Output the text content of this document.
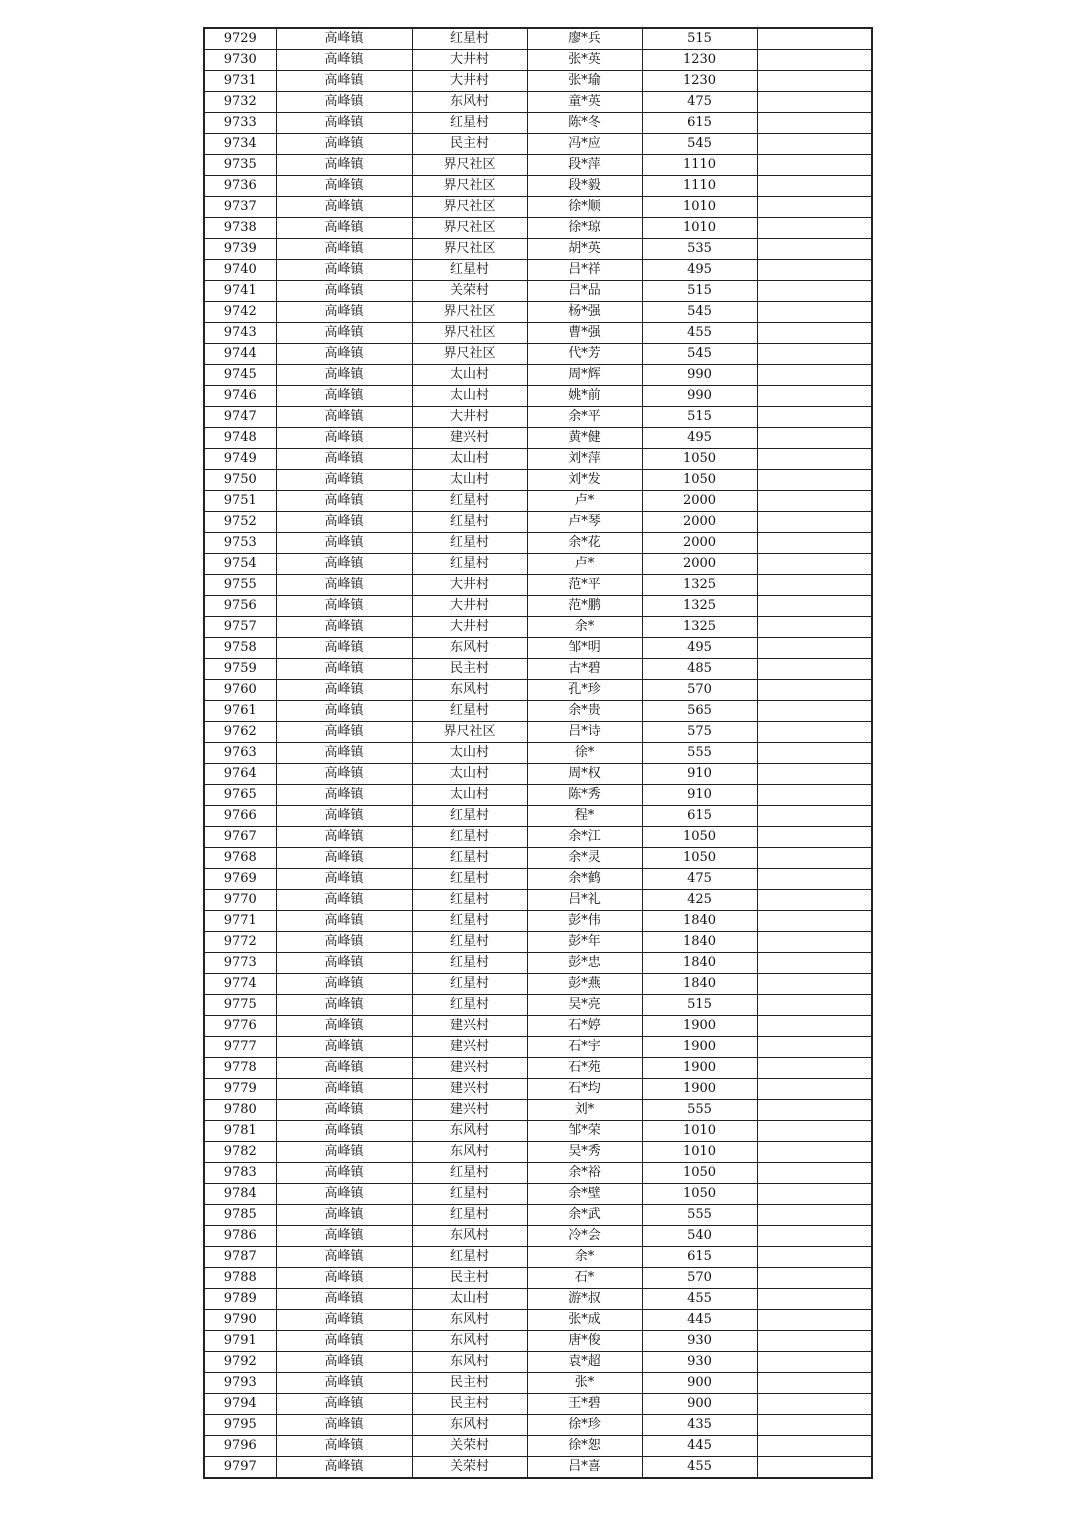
9729	高峰镇	红星村	廖*兵	515	
9730	高峰镇	大井村	张*英	1230	
9731	高峰镇	大井村	张*瑜	1230	
9732	高峰镇	东风村	童*英	475	
9733	高峰镇	红星村	陈*冬	615	
9734	高峰镇	民主村	冯*应	545	
9735	高峰镇	界尺社区	段*萍	1110	
9736	高峰镇	界尺社区	段*毅	1110	
9737	高峰镇	界尺社区	徐*顺	1010	
9738	高峰镇	界尺社区	徐*琼	1010	
9739	高峰镇	界尺社区	胡*英	535	
9740	高峰镇	红星村	吕*祥	495	
9741	高峰镇	关荣村	吕*品	515	
9742	高峰镇	界尺社区	杨*强	545	
9743	高峰镇	界尺社区	曹*强	455	
9744	高峰镇	界尺社区	代*芳	545	
9745	高峰镇	太山村	周*辉	990	
9746	高峰镇	太山村	姚*前	990	
9747	高峰镇	大井村	余*平	515	
9748	高峰镇	建兴村	黄*健	495	
9749	高峰镇	太山村	刘*萍	1050	
9750	高峰镇	太山村	刘*发	1050	
9751	高峰镇	红星村	卢*	2000	
9752	高峰镇	红星村	卢*琴	2000	
9753	高峰镇	红星村	余*花	2000	
9754	高峰镇	红星村	卢*	2000	
9755	高峰镇	大井村	范*平	1325	
9756	高峰镇	大井村	范*鹏	1325	
9757	高峰镇	大井村	余*	1325	
9758	高峰镇	东风村	邹*明	495	
9759	高峰镇	民主村	古*碧	485	
9760	高峰镇	东风村	孔*珍	570	
9761	高峰镇	红星村	余*贵	565	
9762	高峰镇	界尺社区	吕*诗	575	
9763	高峰镇	太山村	徐*	555	
9764	高峰镇	太山村	周*权	910	
9765	高峰镇	太山村	陈*秀	910	
9766	高峰镇	红星村	程*	615	
9767	高峰镇	红星村	余*江	1050	
9768	高峰镇	红星村	余*灵	1050	
9769	高峰镇	红星村	余*鹤	475	
9770	高峰镇	红星村	吕*礼	425	
9771	高峰镇	红星村	彭*伟	1840	
9772	高峰镇	红星村	彭*年	1840	
9773	高峰镇	红星村	彭*忠	1840	
9774	高峰镇	红星村	彭*燕	1840	
9775	高峰镇	红星村	吴*亮	515	
9776	高峰镇	建兴村	石*婷	1900	
9777	高峰镇	建兴村	石*宇	1900	
9778	高峰镇	建兴村	石*苑	1900	
9779	高峰镇	建兴村	石*均	1900	
9780	高峰镇	建兴村	刘*	555	
9781	高峰镇	东风村	邹*荣	1010	
9782	高峰镇	东风村	吴*秀	1010	
9783	高峰镇	红星村	余*裕	1050	
9784	高峰镇	红星村	余*壁	1050	
9785	高峰镇	红星村	余*武	555	
9786	高峰镇	东风村	冷*会	540	
9787	高峰镇	红星村	余*	615	
9788	高峰镇	民主村	石*	570	
9789	高峰镇	太山村	游*叔	455	
9790	高峰镇	东风村	张*成	445	
9791	高峰镇	东风村	唐*俊	930	
9792	高峰镇	东风村	袁*超	930	
9793	高峰镇	民主村	张*	900	
9794	高峰镇	民主村	王*碧	900	
9795	高峰镇	东风村	徐*珍	435	
9796	高峰镇	关荣村	徐*恕	445	
9797	高峰镇	关荣村	吕*喜	455	
